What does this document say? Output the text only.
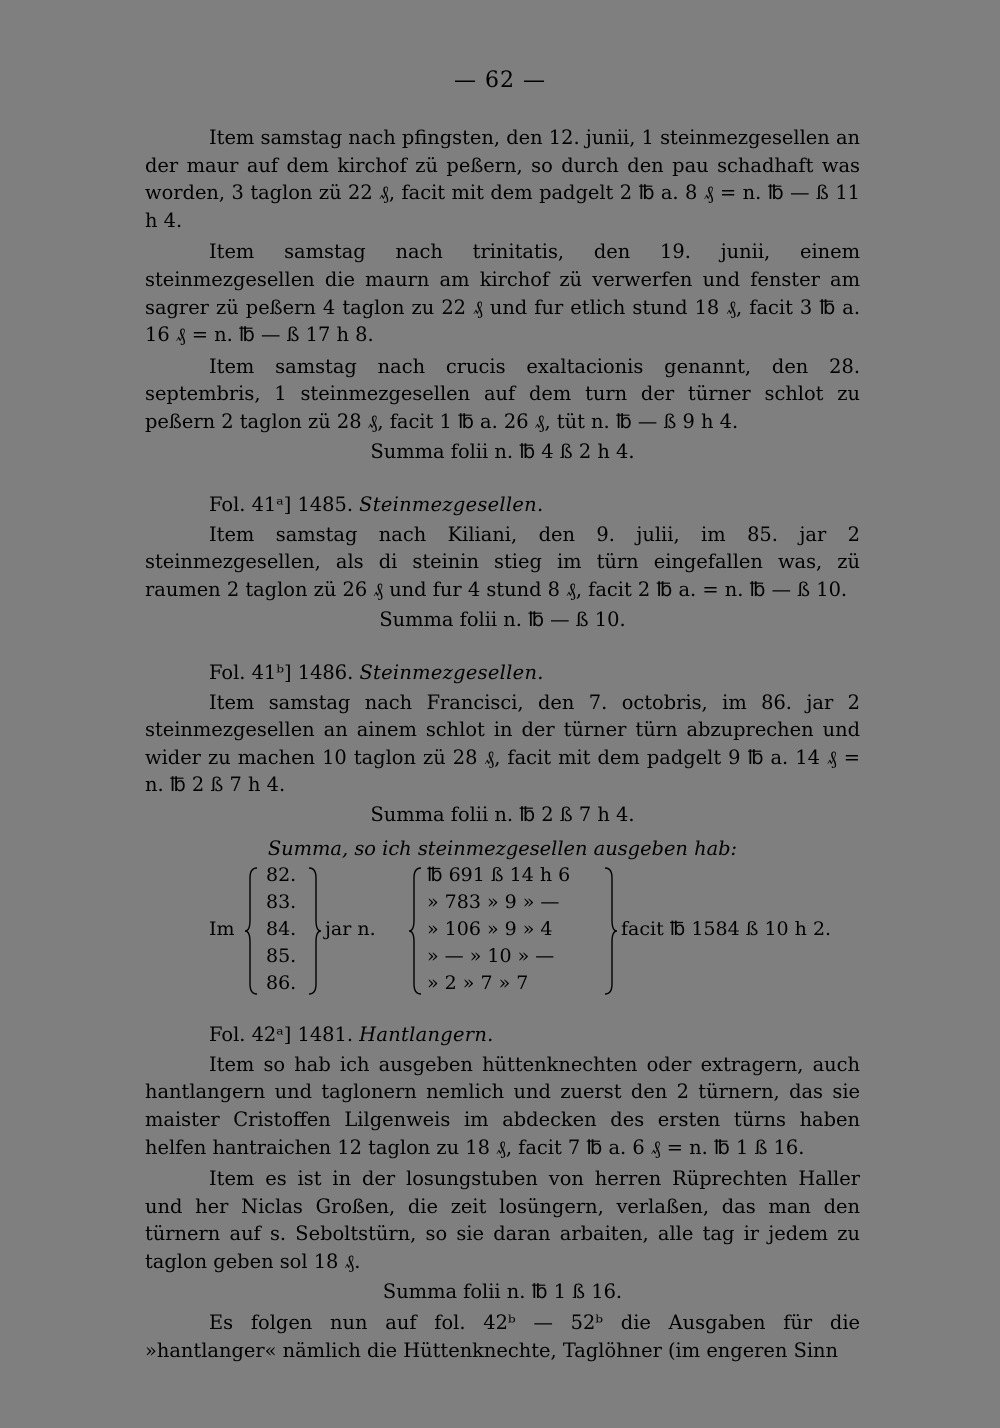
— 62 —

Item samstag nach pfingsten, den 12. junii, 1 steinmezgesellen an der maur auf dem kirchof zü peßern, so durch den pau schadhaft was worden, 3 taglon zü 22 ₰, facit mit dem padgelt 2 ℔ a. 8 ₰ = n. ℔ — ß 11 h 4.

Item samstag nach trinitatis, den 19. junii, einem steinmezgesellen die maurn am kirchof zü verwerfen und fenster am sagrer zü peßern 4 taglon zu 22 ₰ und fur etlich stund 18 ₰, facit 3 ℔ a. 16 ₰ = n. ℔ — ß 17 h 8.

Item samstag nach crucis exaltacionis genannt, den 28. septembris, 1 steinmezgesellen auf dem turn der türner schlot zu peßern 2 taglon zü 28 ₰, facit 1 ℔ a. 26 ₰, tüt n. ℔ — ß 9 h 4.

Summa folii n. ℔ 4 ß 2 h 4.

Fol. 41ᵃ] 1485. Steinmezgesellen.

Item samstag nach Kiliani, den 9. julii, im 85. jar 2 steinmezgesellen, als di steinin stieg im türn eingefallen was, zü raumen 2 taglon zü 26 ₰ und fur 4 stund 8 ₰, facit 2 ℔ a. = n. ℔ — ß 10.

Summa folii n. ℔ — ß 10.

Fol. 41ᵇ] 1486. Steinmezgesellen.

Item samstag nach Francisci, den 7. octobris, im 86. jar 2 steinmezgesellen an ainem schlot in der türner türn abzuprechen und wider zu machen 10 taglon zü 28 ₰, facit mit dem padgelt 9 ℔ a. 14 ₰ = n. ℔ 2 ß 7 h 4.

Summa folii n. ℔ 2 ß 7 h 4.

Summa, so ich steinmezgesellen ausgeben hab:

Im
82.
83.
84.
85.
86.
jar n.
℔ 691 ß 14 h 6
» 783 » 9 » —
» 106 » 9 » 4
» — » 10 » —
» 2 » 7 » 7
facit ℔ 1584 ß 10 h 2.

Fol. 42ᵃ] 1481. Hantlangern.

Item so hab ich ausgeben hüttenknechten oder extragern, auch hantlangern und taglonern nemlich und zuerst den 2 türnern, das sie maister Cristoffen Lilgenweis im abdecken des ersten türns haben helfen hantraichen 12 taglon zu 18 ₰, facit 7 ℔ a. 6 ₰ = n. ℔ 1 ß 16.

Item es ist in der losungstuben von herren Rüprechten Haller und her Niclas Großen, die zeit losüngern, verlaßen, das man den türnern auf s. Seboltstürn, so sie daran arbaiten, alle tag ir jedem zu taglon geben sol 18 ₰.

Summa folii n. ℔ 1 ß 16.

Es folgen nun auf fol. 42ᵇ — 52ᵇ die Ausgaben für die »hantlanger« nämlich die Hüttenknechte, Taglöhner (im engeren Sinn
